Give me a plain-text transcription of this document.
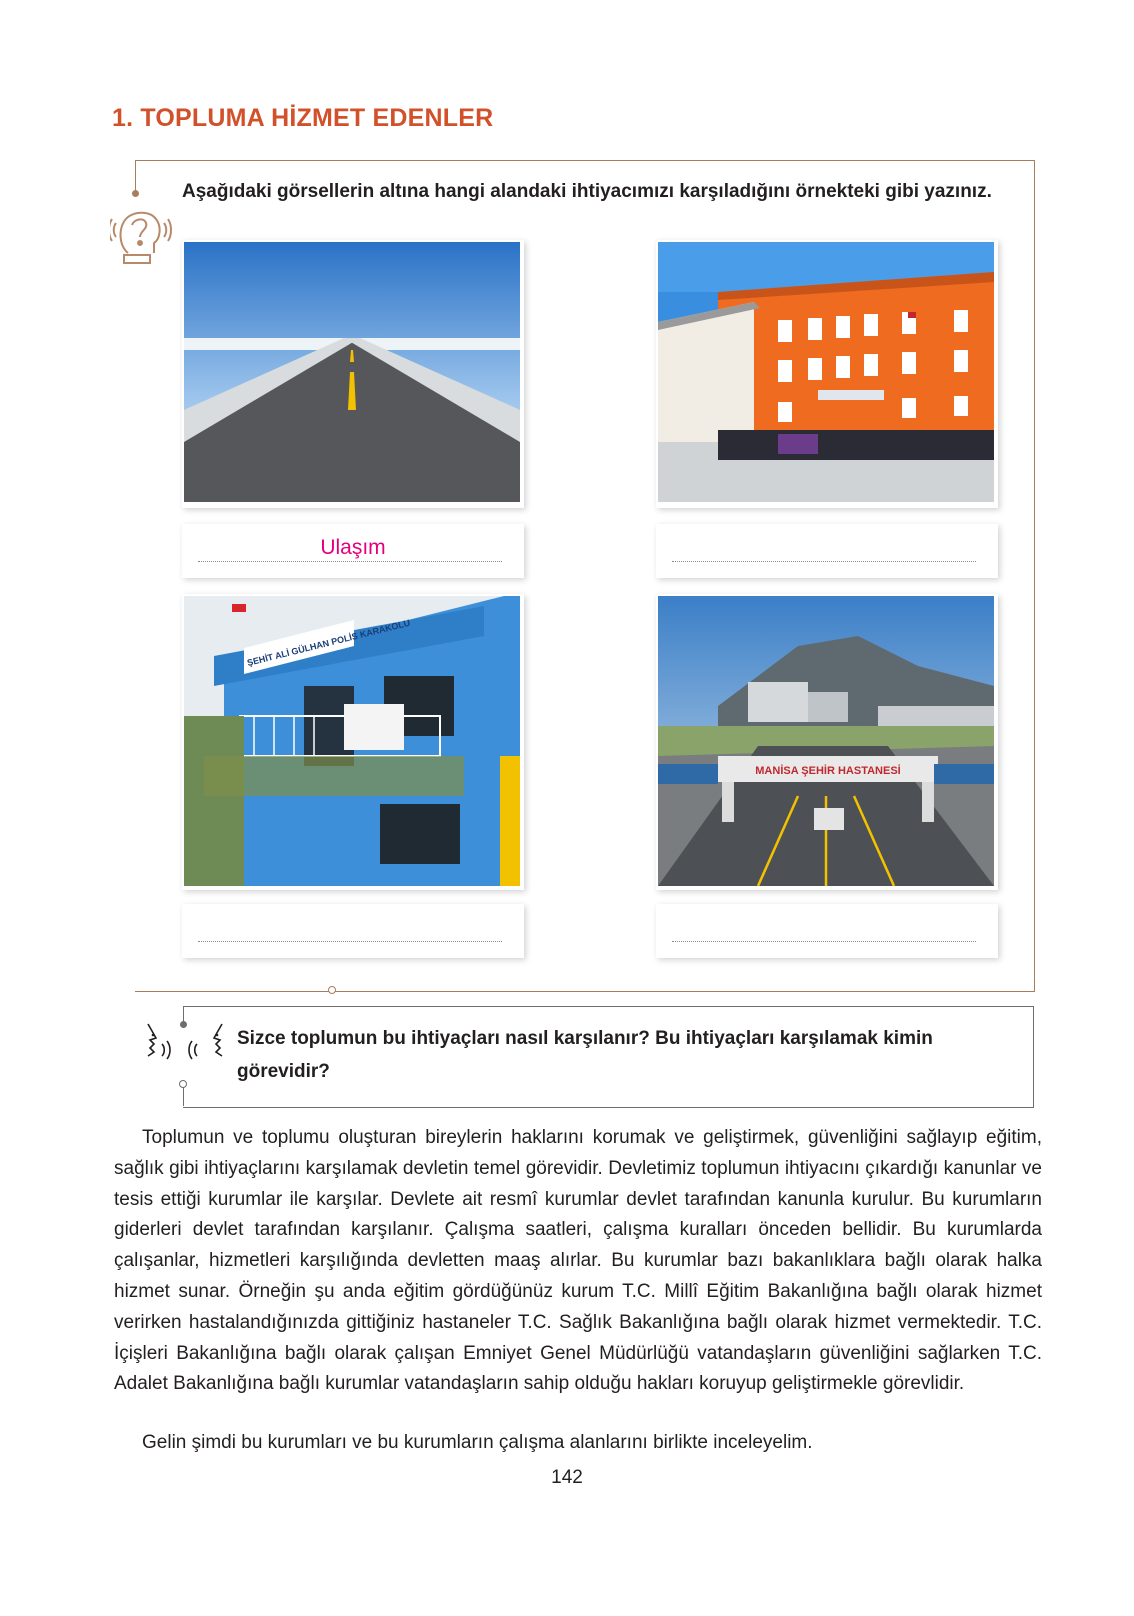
1. TOPLUMA HİZMET EDENLER

Aşağıdaki görsellerin altına hangi alandaki ihtiyacımızı karşıladığını örnekteki gibi yazınız.

Ulaşım
ŞEHİT ALİ GÜLHAN POLİS KARAKOLU
MANİSA ŞEHİR HASTANESİ

Sizce toplumun bu ihtiyaçları nasıl karşılanır? Bu ihtiyaçları karşılamak kimin görevidir?

Toplumun ve toplumu oluşturan bireylerin haklarını korumak ve geliştirmek, güvenliğini sağlayıp eğitim, sağlık gibi ihtiyaçlarını karşılamak devletin temel görevidir. Devletimiz toplumun ihtiyacını çıkardığı kanunlar ve tesis ettiği kurumlar ile karşılar. Devlete ait resmî kurumlar devlet tarafından kanunla kurulur. Bu kurumların giderleri devlet tarafından karşılanır. Çalışma saatleri, çalışma kuralları önceden bellidir. Bu kurumlarda çalışanlar, hizmetleri karşılığında devletten maaş alırlar. Bu kurumlar bazı bakanlıklara bağlı olarak halka hizmet sunar. Örneğin şu anda eğitim gördüğünüz kurum T.C. Millî Eğitim Bakanlığına bağlı olarak hizmet verirken hastalandığınızda gittiğiniz hastaneler T.C. Sağlık Bakanlığına bağlı olarak hizmet vermektedir. T.C. İçişleri Bakanlığına bağlı olarak çalışan Emniyet Genel Müdürlüğü vatandaşların güvenliğini sağlarken T.C. Adalet Bakanlığına bağlı kurumlar vatandaşların sahip olduğu hakları koruyup geliştirmekle görevlidir.

Gelin şimdi bu kurumları ve bu kurumların çalışma alanlarını birlikte inceleyelim.

142
